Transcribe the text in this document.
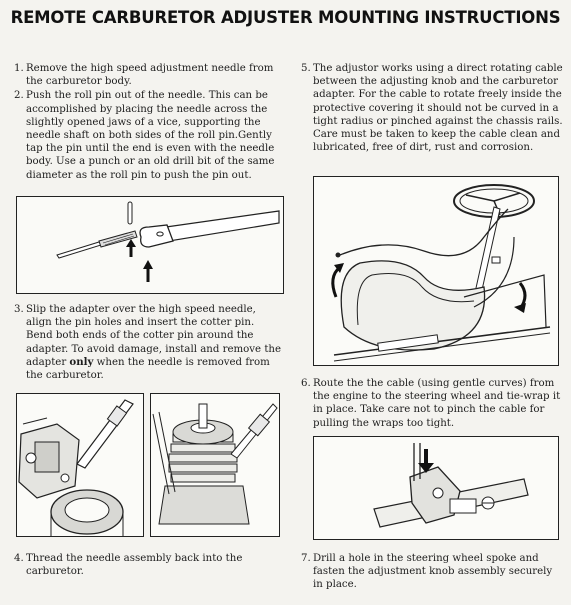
REMOTE CARBURETOR ADJUSTER MOUNTING INSTRUCTIONS
1. Remove the high speed adjustment needle from the carburetor body.
2. Push the roll pin out of the needle. This can be accomplished by placing the needle across the slightly opened jaws of a vice, supporting the needle shaft on both sides of the roll pin.Gently tap the pin until the end is even with the needle body. Use a punch or an old drill bit of the same diameter as the roll pin to push the pin out.
3. Slip the adapter over the high speed needle, align the pin holes and insert the cotter pin. Bend both ends of the cotter pin around the adapter. To avoid damage, install and remove the adapter only when the needle is removed from the carburetor.
4. Thread the needle assembly back into the carburetor.
5. The adjustor works using a direct rotating cable between the adjusting knob and the carburetor adapter. For the cable to rotate freely inside the protective covering it should not be curved in a tight radius or pinched against the chassis rails. Care must be taken to keep the cable clean and lubricated, free of dirt, rust and corrosion.
6. Route the the cable (using gentle curves) from the engine to the steering wheel and tie-wrap it in place. Take care not to pinch the cable for pulling the wraps too tight.
7. Drill a hole in the steering wheel spoke and fasten the adjustment knob assembly securely in place.
